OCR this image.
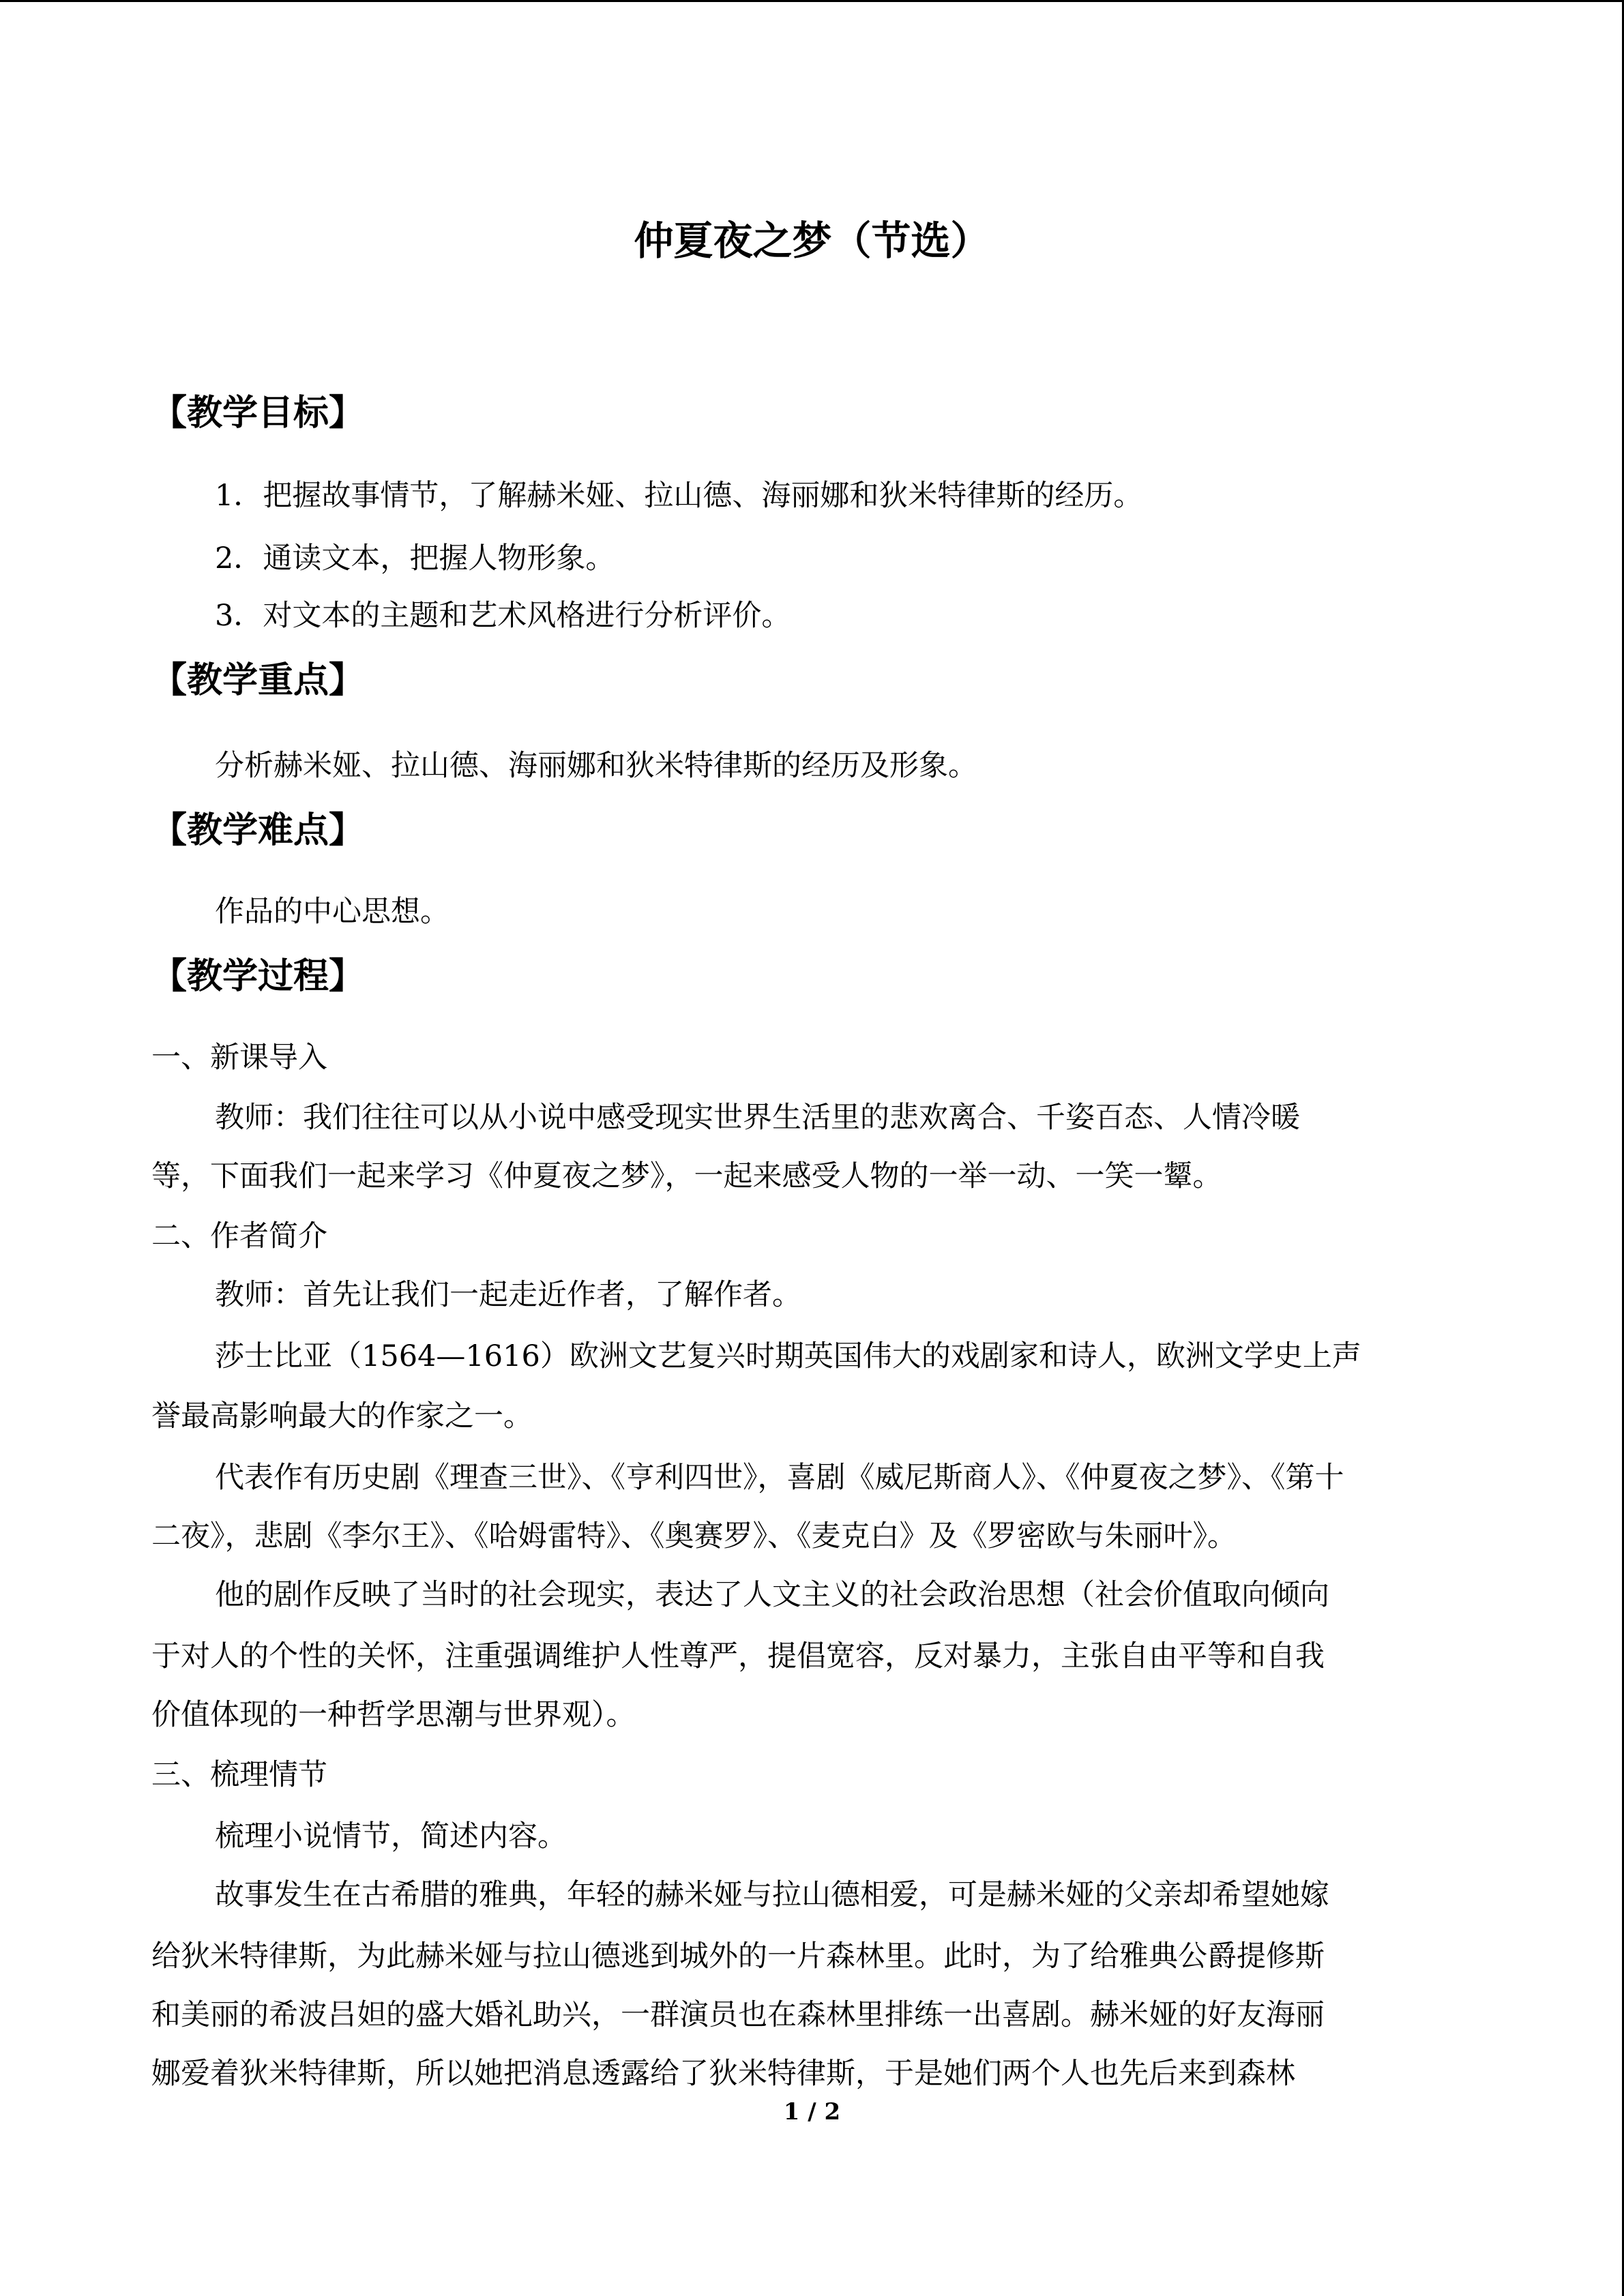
仲夏夜之梦（节选）
【教学目标】
1．把握故事情节，了解赫米娅、拉山德、海丽娜和狄米特律斯的经历。
2．通读文本，把握人物形象。
3．对文本的主题和艺术风格进行分析评价。
【教学重点】
分析赫米娅、拉山德、海丽娜和狄米特律斯的经历及形象。
【教学难点】
作品的中心思想。
【教学过程】
一、新课导入
教师：我们往往可以从小说中感受现实世界生活里的悲欢离合、千姿百态、人情冷暖
等，下面我们一起来学习《仲夏夜之梦》，一起来感受人物的一举一动、一笑一颦。
二、作者简介
教师：首先让我们一起走近作者，了解作者。
莎士比亚（1564—1616）欧洲文艺复兴时期英国伟大的戏剧家和诗人，欧洲文学史上声
誉最高影响最大的作家之一。
代表作有历史剧《理查三世》、《亨利四世》，喜剧《威尼斯商人》、《仲夏夜之梦》、《第十
二夜》，悲剧《李尔王》、《哈姆雷特》、《奥赛罗》、《麦克白》及《罗密欧与朱丽叶》。
他的剧作反映了当时的社会现实，表达了人文主义的社会政治思想（社会价值取向倾向
于对人的个性的关怀，注重强调维护人性尊严，提倡宽容，反对暴力，主张自由平等和自我
价值体现的一种哲学思潮与世界观）。
三、梳理情节
梳理小说情节，简述内容。
故事发生在古希腊的雅典，年轻的赫米娅与拉山德相爱，可是赫米娅的父亲却希望她嫁
给狄米特律斯，为此赫米娅与拉山德逃到城外的一片森林里。此时，为了给雅典公爵提修斯
和美丽的希波吕妲的盛大婚礼助兴，一群演员也在森林里排练一出喜剧。赫米娅的好友海丽
娜爱着狄米特律斯，所以她把消息透露给了狄米特律斯，于是她们两个人也先后来到森林
1 / 2
